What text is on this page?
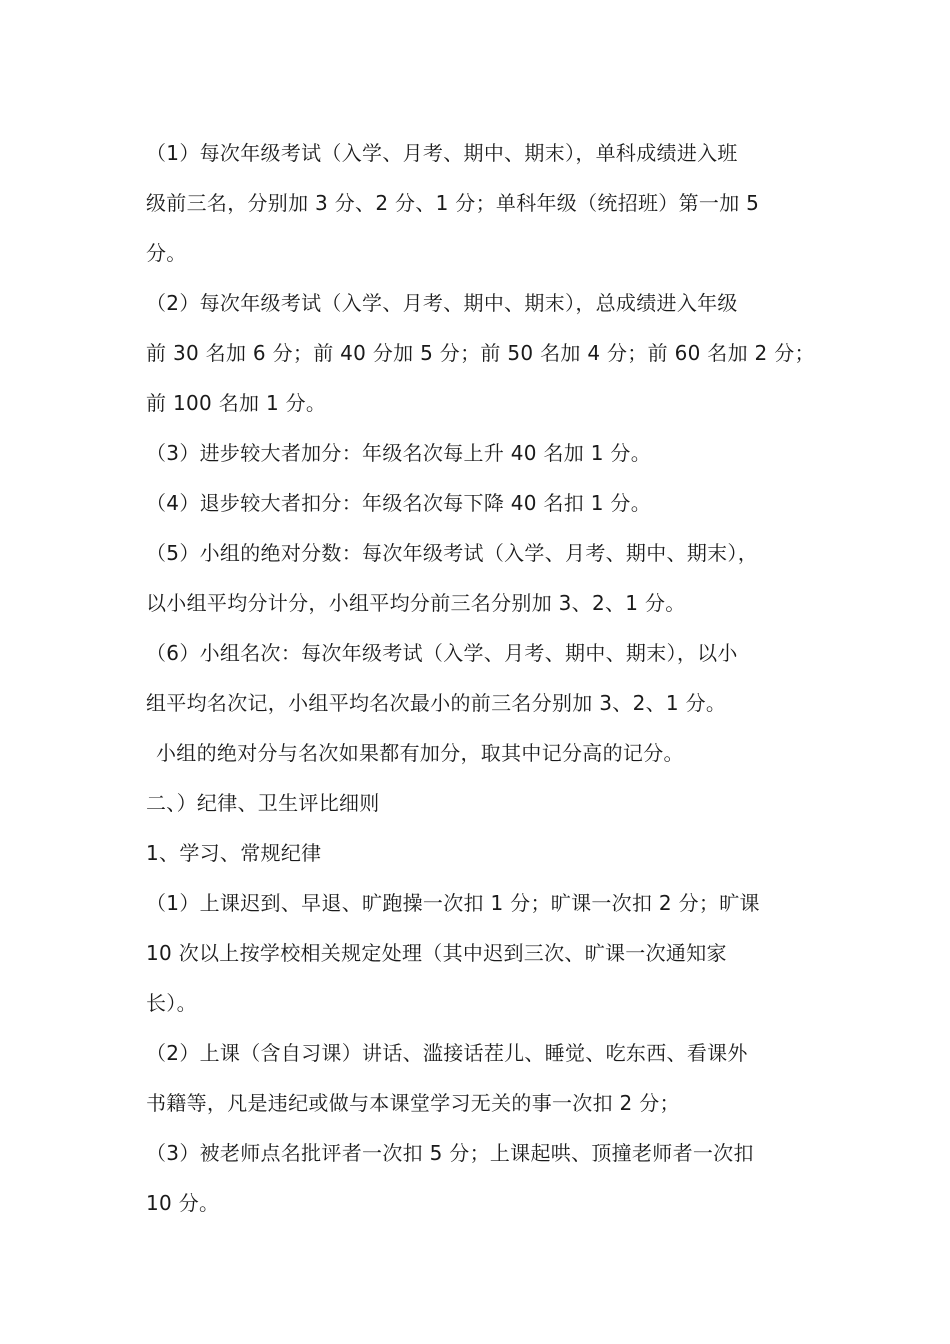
（1）每次年级考试（入学、月考、期中、期末），单科成绩进入班
级前三名，分别加 3 分、2 分、1 分；单科年级（统招班）第一加 5
分。
（2）每次年级考试（入学、月考、期中、期末），总成绩进入年级
前 30 名加 6 分；前 40 分加 5 分；前 50 名加 4 分；前 60 名加 2 分；
前 100 名加 1 分。
（3）进步较大者加分：年级名次每上升 40 名加 1 分。
（4）退步较大者扣分：年级名次每下降 40 名扣 1 分。
（5）小组的绝对分数：每次年级考试（入学、月考、期中、期末），
以小组平均分计分，小组平均分前三名分别加 3、2、1 分。
（6）小组名次：每次年级考试（入学、月考、期中、期末），以小
组平均名次记，小组平均名次最小的前三名分别加 3、2、1 分。
小组的绝对分与名次如果都有加分，取其中记分高的记分。
二、）纪律、卫生评比细则
1、学习、常规纪律
（1）上课迟到、早退、旷跑操一次扣 1 分；旷课一次扣 2 分；旷课
10 次以上按学校相关规定处理（其中迟到三次、旷课一次通知家
长）。
（2）上课（含自习课）讲话、滥接话茬儿、睡觉、吃东西、看课外
书籍等，凡是违纪或做与本课堂学习无关的事一次扣 2 分；
（3）被老师点名批评者一次扣 5 分；上课起哄、顶撞老师者一次扣
10 分。
